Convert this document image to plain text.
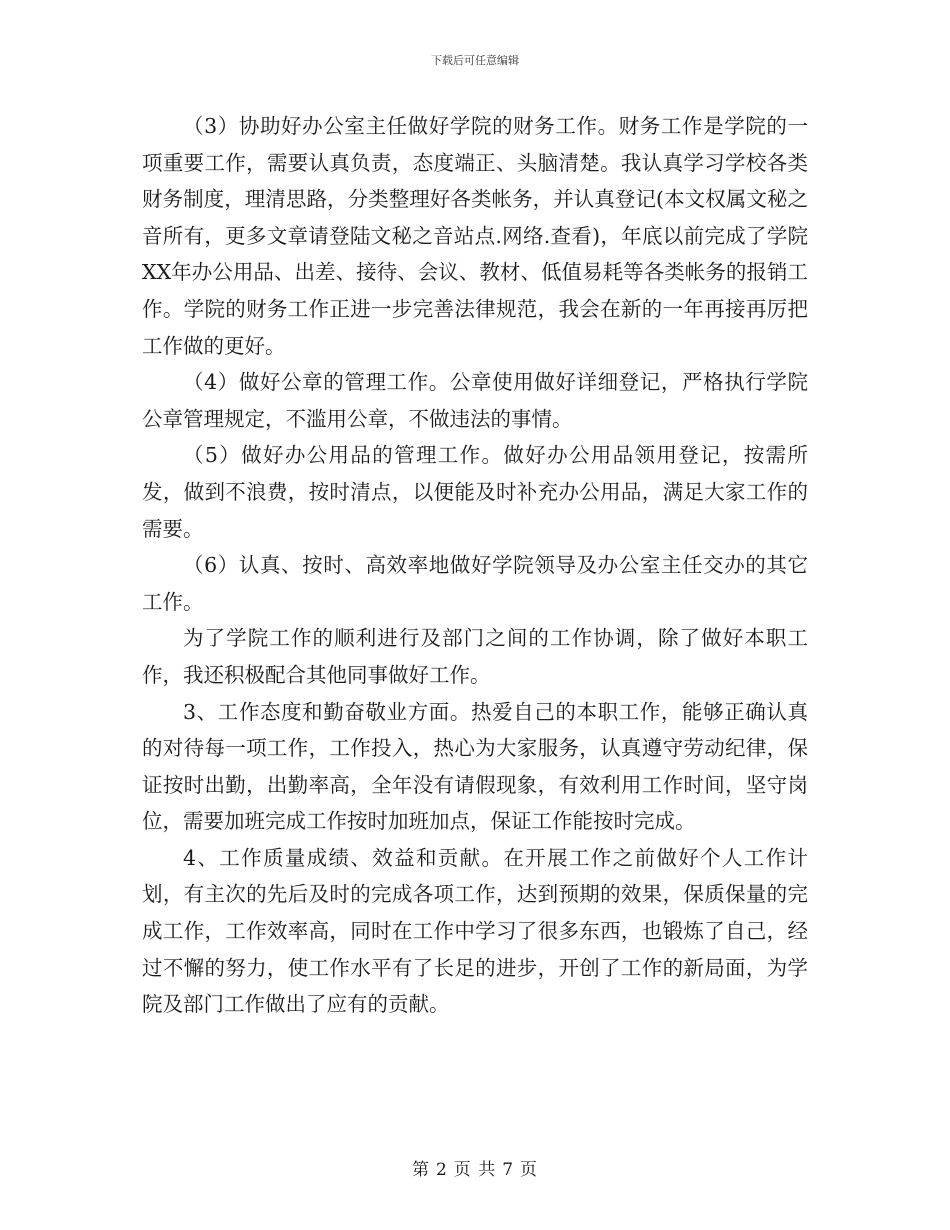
下载后可任意编辑

（3）协助好办公室主任做好学院的财务工作。财务工作是学院的一项重要工作，需要认真负责，态度端正、头脑清楚。我认真学习学校各类财务制度，理清思路，分类整理好各类帐务，并认真登记(本文权属文秘之音所有，更多文章请登陆文秘之音站点.网络.查看)，年底以前完成了学院XX年办公用品、出差、接待、会议、教材、低值易耗等各类帐务的报销工作。学院的财务工作正进一步完善法律规范，我会在新的一年再接再厉把工作做的更好。

（4）做好公章的管理工作。公章使用做好详细登记，严格执行学院公章管理规定，不滥用公章，不做违法的事情。

（5）做好办公用品的管理工作。做好办公用品领用登记，按需所发，做到不浪费，按时清点，以便能及时补充办公用品，满足大家工作的需要。

（6）认真、按时、高效率地做好学院领导及办公室主任交办的其它工作。

为了学院工作的顺利进行及部门之间的工作协调，除了做好本职工作，我还积极配合其他同事做好工作。

3、工作态度和勤奋敬业方面。热爱自己的本职工作，能够正确认真的对待每一项工作，工作投入，热心为大家服务，认真遵守劳动纪律，保证按时出勤，出勤率高，全年没有请假现象，有效利用工作时间，坚守岗位，需要加班完成工作按时加班加点，保证工作能按时完成。

4、工作质量成绩、效益和贡献。在开展工作之前做好个人工作计划，有主次的先后及时的完成各项工作，达到预期的效果，保质保量的完成工作，工作效率高，同时在工作中学习了很多东西，也锻炼了自己，经过不懈的努力，使工作水平有了长足的进步，开创了工作的新局面，为学院及部门工作做出了应有的贡献。

第 2 页 共 7 页
